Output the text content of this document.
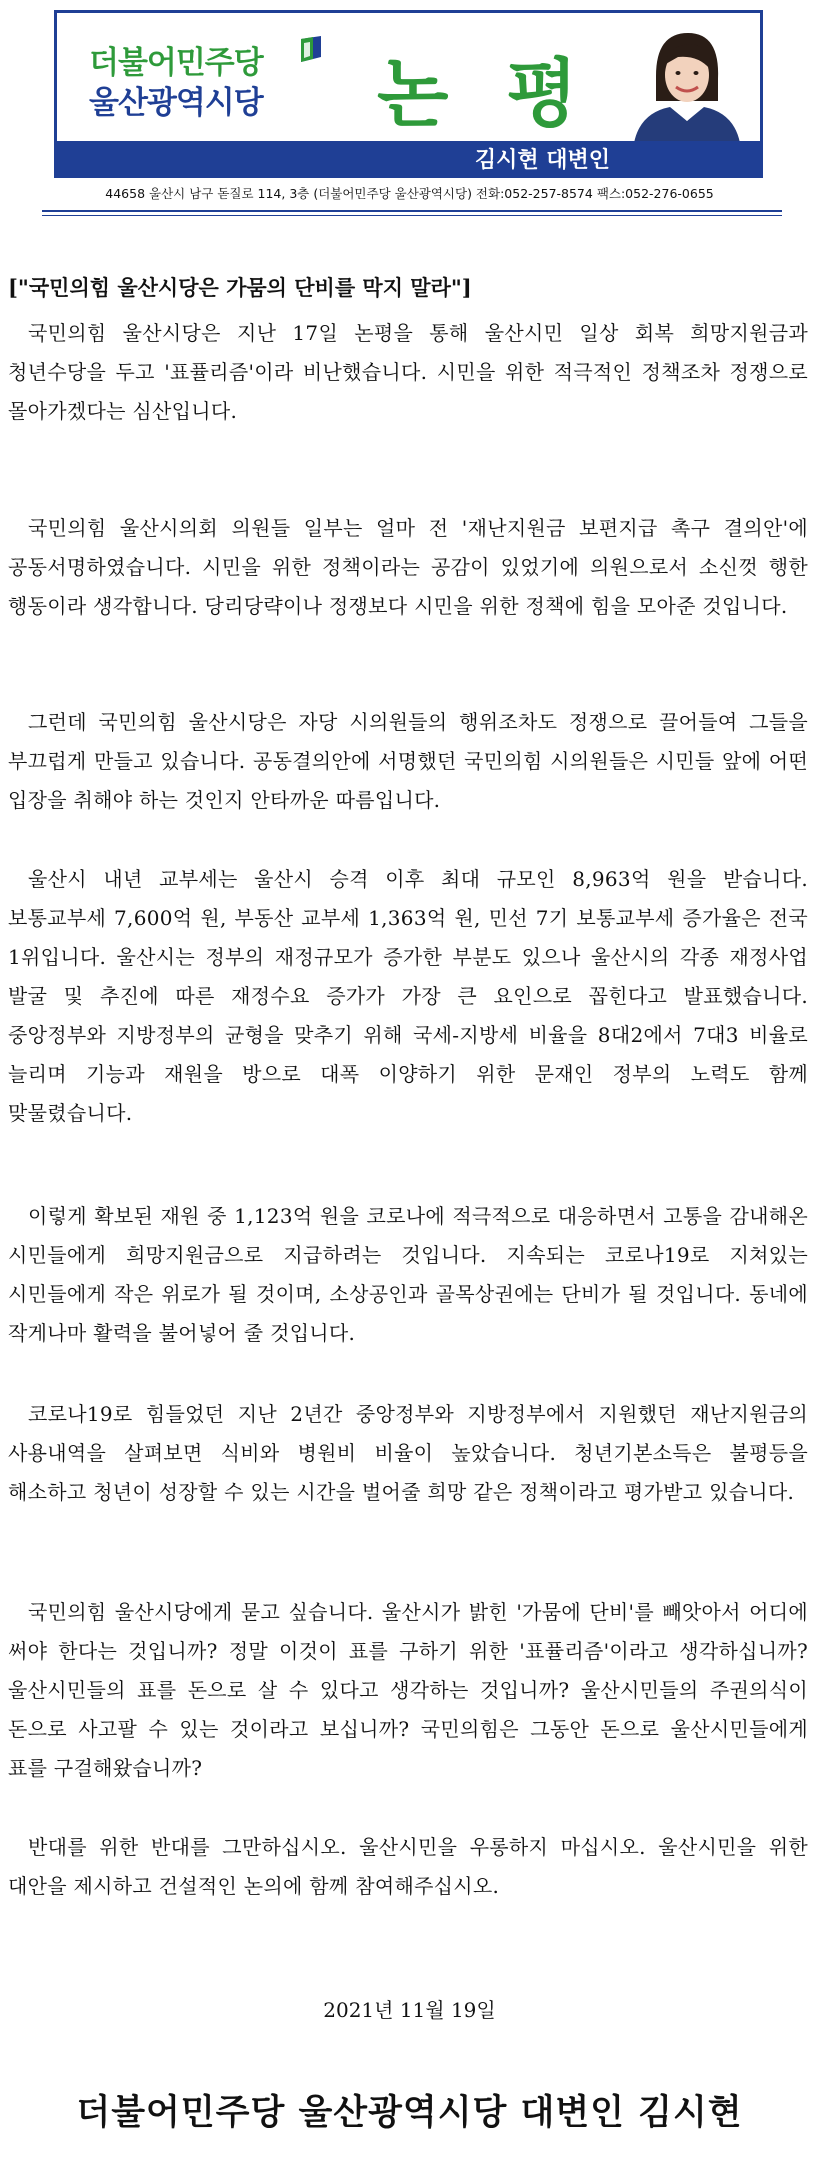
더불어민주당
울산광역시당	논 평
김시현 대변인
44658 울산시 남구 돋질로 114, 3층 (더불어민주당 울산광역시당) 전화:052-257-8574 팩스:052-276-0655
["국민의힘 울산시당은 가뭄의 단비를 막지 말라"]

국민의힘 울산시당은 지난 17일 논평을 통해 울산시민 일상 회복 희망지원금과 청년수당을 두고 '표퓰리즘'이라 비난했습니다. 시민을 위한 적극적인 정책조차 정쟁으로 몰아가겠다는 심산입니다.

국민의힘 울산시의회 의원들 일부는 얼마 전 '재난지원금 보편지급 촉구 결의안'에 공동서명하였습니다. 시민을 위한 정책이라는 공감이 있었기에 의원으로서 소신껏 행한 행동이라 생각합니다. 당리당략이나 정쟁보다 시민을 위한 정책에 힘을 모아준 것입니다.

그런데 국민의힘 울산시당은 자당 시의원들의 행위조차도 정쟁으로 끌어들여 그들을 부끄럽게 만들고 있습니다. 공동결의안에 서명했던 국민의힘 시의원들은 시민들 앞에 어떤 입장을 취해야 하는 것인지 안타까운 따름입니다.

울산시 내년 교부세는 울산시 승격 이후 최대 규모인 8,963억 원을 받습니다. 보통교부세 7,600억 원, 부동산 교부세 1,363억 원, 민선 7기 보통교부세 증가율은 전국 1위입니다. 울산시는 정부의 재정규모가 증가한 부분도 있으나 울산시의 각종 재정사업 발굴 및 추진에 따른 재정수요 증가가 가장 큰 요인으로 꼽힌다고 발표했습니다. 중앙정부와 지방정부의 균형을 맞추기 위해 국세-지방세 비율을 8대2에서 7대3 비율로 늘리며 기능과 재원을 방으로 대폭 이양하기 위한 문재인 정부의 노력도 함께 맞물렸습니다.

이렇게 확보된 재원 중 1,123억 원을 코로나에 적극적으로 대응하면서 고통을 감내해온 시민들에게 희망지원금으로 지급하려는 것입니다. 지속되는 코로나19로 지쳐있는 시민들에게 작은 위로가 될 것이며, 소상공인과 골목상권에는 단비가 될 것입니다. 동네에 작게나마 활력을 불어넣어 줄 것입니다.

코로나19로 힘들었던 지난 2년간 중앙정부와 지방정부에서 지원했던 재난지원금의 사용내역을 살펴보면 식비와 병원비 비율이 높았습니다. 청년기본소득은 불평등을 해소하고 청년이 성장할 수 있는 시간을 벌어줄 희망 같은 정책이라고 평가받고 있습니다.

국민의힘 울산시당에게 묻고 싶습니다. 울산시가 밝힌 '가뭄에 단비'를 빼앗아서 어디에 써야 한다는 것입니까? 정말 이것이 표를 구하기 위한 '표퓰리즘'이라고 생각하십니까? 울산시민들의 표를 돈으로 살 수 있다고 생각하는 것입니까? 울산시민들의 주권의식이 돈으로 사고팔 수 있는 것이라고 보십니까? 국민의힘은 그동안 돈으로 울산시민들에게 표를 구걸해왔습니까?

반대를 위한 반대를 그만하십시오. 울산시민을 우롱하지 마십시오. 울산시민을 위한 대안을 제시하고 건설적인 논의에 함께 참여해주십시오.

2021년 11월 19일
더불어민주당 울산광역시당 대변인 김시현
